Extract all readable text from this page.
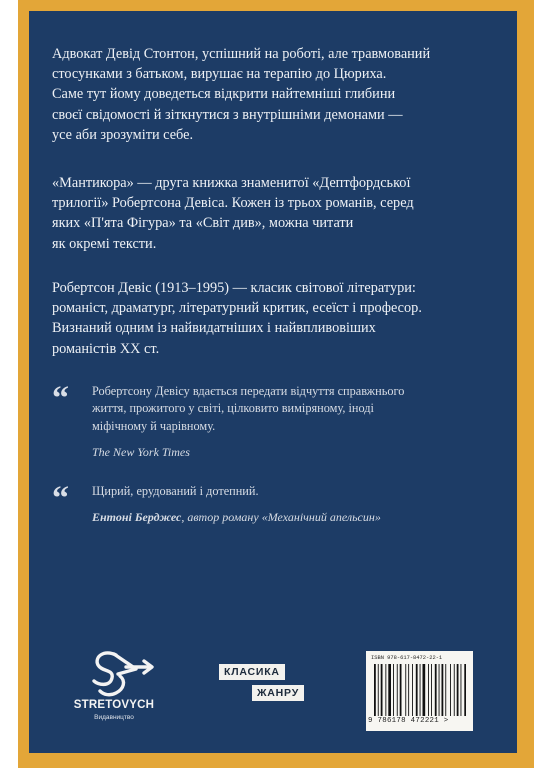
Адвокат Девід Стонтон, успішний на роботі, але травмований
стосунками з батьком, вирушає на терапію до Цюриха.
Саме тут йому доведеться відкрити найтемніші глибини
своєї свідомості й зіткнутися з внутрішніми демонами —
усе аби зрозуміти себе.
«Мантикора» — друга книжка знаменитої «Дептфордської
трилогії» Робертсона Девіса. Кожен із трьох романів, серед
яких «П'ята Фігура» та «Світ див», можна читати
як окремі тексти.
Робертсон Девіс (1913–1995) — класик світової літератури:
романіст, драматург, літературний критик, есеїст і професор.
Визнаний одним із найвидатніших і найвпливовіших
романістів XX ст.
“ Робертсону Девісу вдається передати відчуття справжнього
життя, прожитого у світі, цілковито виміряному, іноді
міфічному й чарівному.
The New York Times
“ Щирий, ерудований і дотепний.
Ентоні Берджес, автор роману «Механічний апельсин»
STRETOVYCH
Видавництво
КЛАСИКА
ЖАНРУ
ISBN 978-617-8472-22-1
9 786178 472221 >
